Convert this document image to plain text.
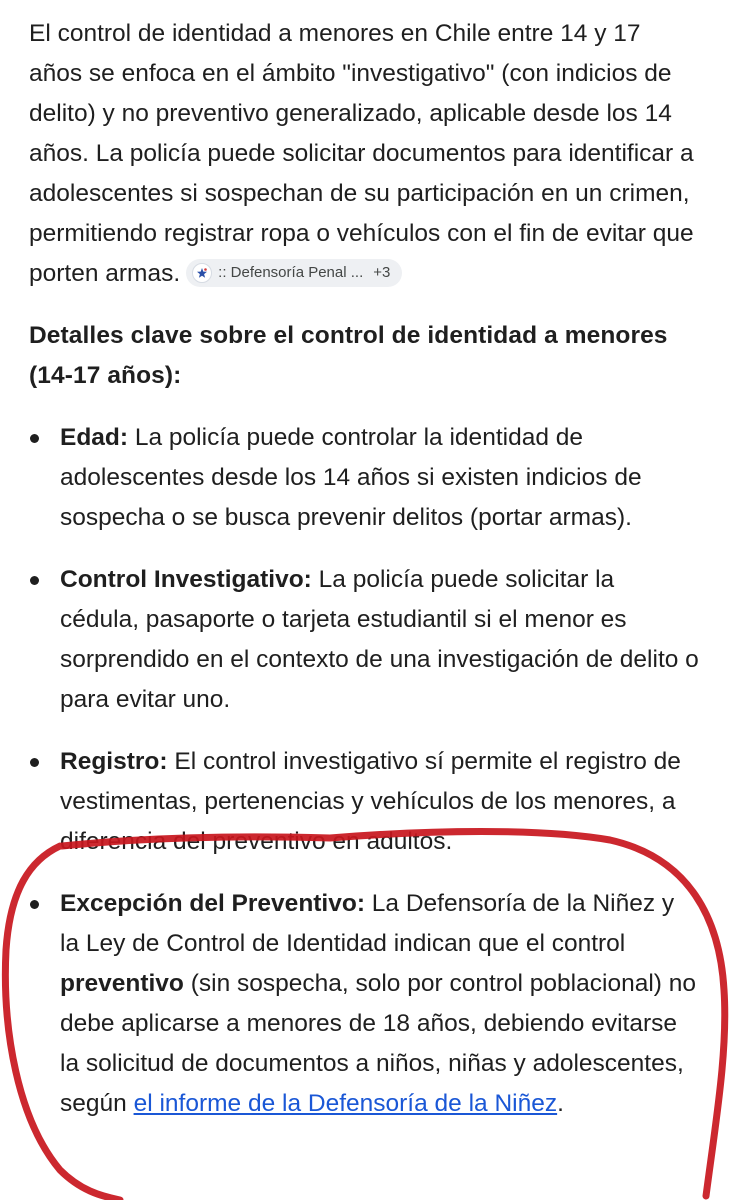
El control de identidad a menores en Chile entre 14 y 17 años se enfoca en el ámbito "investigativo" (con indicios de delito) y no preventivo generalizado, aplicable desde los 14 años. La policía puede solicitar documentos para identificar a adolescentes si sospechan de su participación en un crimen, permitiendo registrar ropa o vehículos con el fin de evitar que porten armas.	:: Defensoría Penal ... +3

Detalles clave sobre el control de identidad a menores (14-17 años):
Edad: La policía puede controlar la identidad de adolescentes desde los 14 años si existen indicios de sospecha o se busca prevenir delitos (portar armas).
Control Investigativo: La policía puede solicitar la cédula, pasaporte o tarjeta estudiantil si el menor es sorprendido en el contexto de una investigación de delito o para evitar uno.
Registro: El control investigativo sí permite el registro de vestimentas, pertenencias y vehículos de los menores, a diferencia del preventivo en adultos.
Excepción del Preventivo: La Defensoría de la Niñez y la Ley de Control de Identidad indican que el control preventivo (sin sospecha, solo por control poblacional) no debe aplicarse a menores de 18 años, debiendo evitarse la solicitud de documentos a niños, niñas y adolescentes, según el informe de la Defensoría de la Niñez.
